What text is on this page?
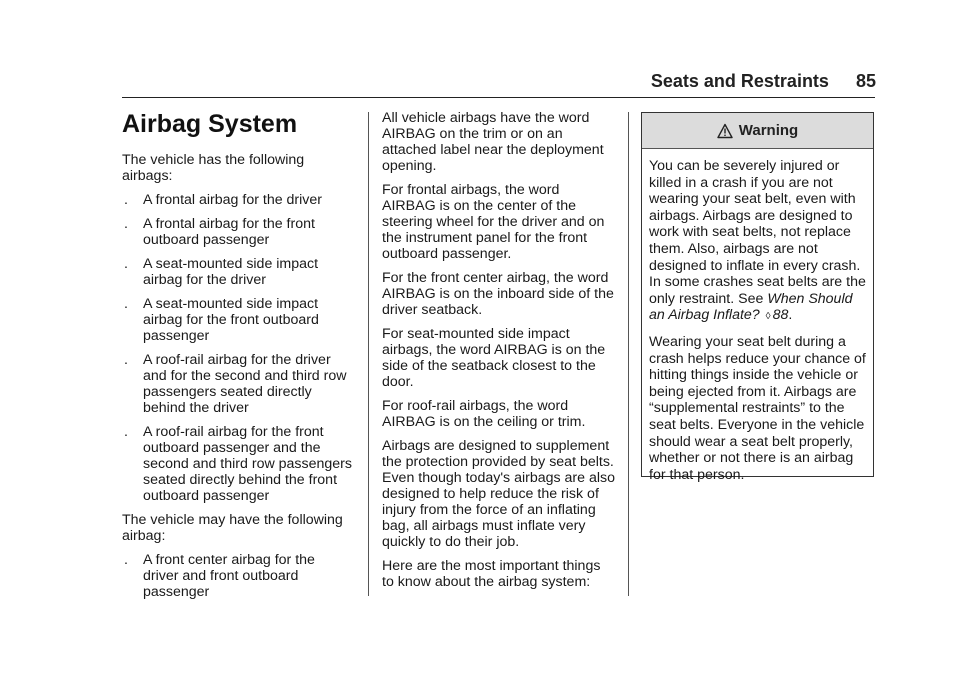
Seats and Restraints 85
Airbag System

The vehicle has the following airbags:

. A frontal airbag for the driver
. A frontal airbag for the front outboard passenger
. A seat-mounted side impact airbag for the driver
. A seat-mounted side impact airbag for the front outboard passenger
. A roof-rail airbag for the driver and for the second and third row passengers seated directly behind the driver
. A roof-rail airbag for the front outboard passenger and the second and third row passengers seated directly behind the front outboard passenger

The vehicle may have the following airbag:

. A front center airbag for the driver and front outboard passenger

All vehicle airbags have the word AIRBAG on the trim or on an attached label near the deployment opening.

For frontal airbags, the word AIRBAG is on the center of the steering wheel for the driver and on the instrument panel for the front outboard passenger.

For the front center airbag, the word AIRBAG is on the inboard side of the driver seatback.

For seat-mounted side impact airbags, the word AIRBAG is on the side of the seatback closest to the door.

For roof-rail airbags, the word AIRBAG is on the ceiling or trim.

Airbags are designed to supplement the protection provided by seat belts. Even though today's airbags are also designed to help reduce the risk of injury from the force of an inflating bag, all airbags must inflate very quickly to do their job.

Here are the most important things to know about the airbag system:

Warning

You can be severely injured or killed in a crash if you are not wearing your seat belt, even with airbags. Airbags are designed to work with seat belts, not replace them. Also, airbags are not designed to inflate in every crash. In some crashes seat belts are the only restraint. See When Should an Airbag Inflate? ◊ 88.

Wearing your seat belt during a crash helps reduce your chance of hitting things inside the vehicle or being ejected from it. Airbags are “supplemental restraints” to the seat belts. Everyone in the vehicle should wear a seat belt properly, whether or not there is an airbag for that person.
